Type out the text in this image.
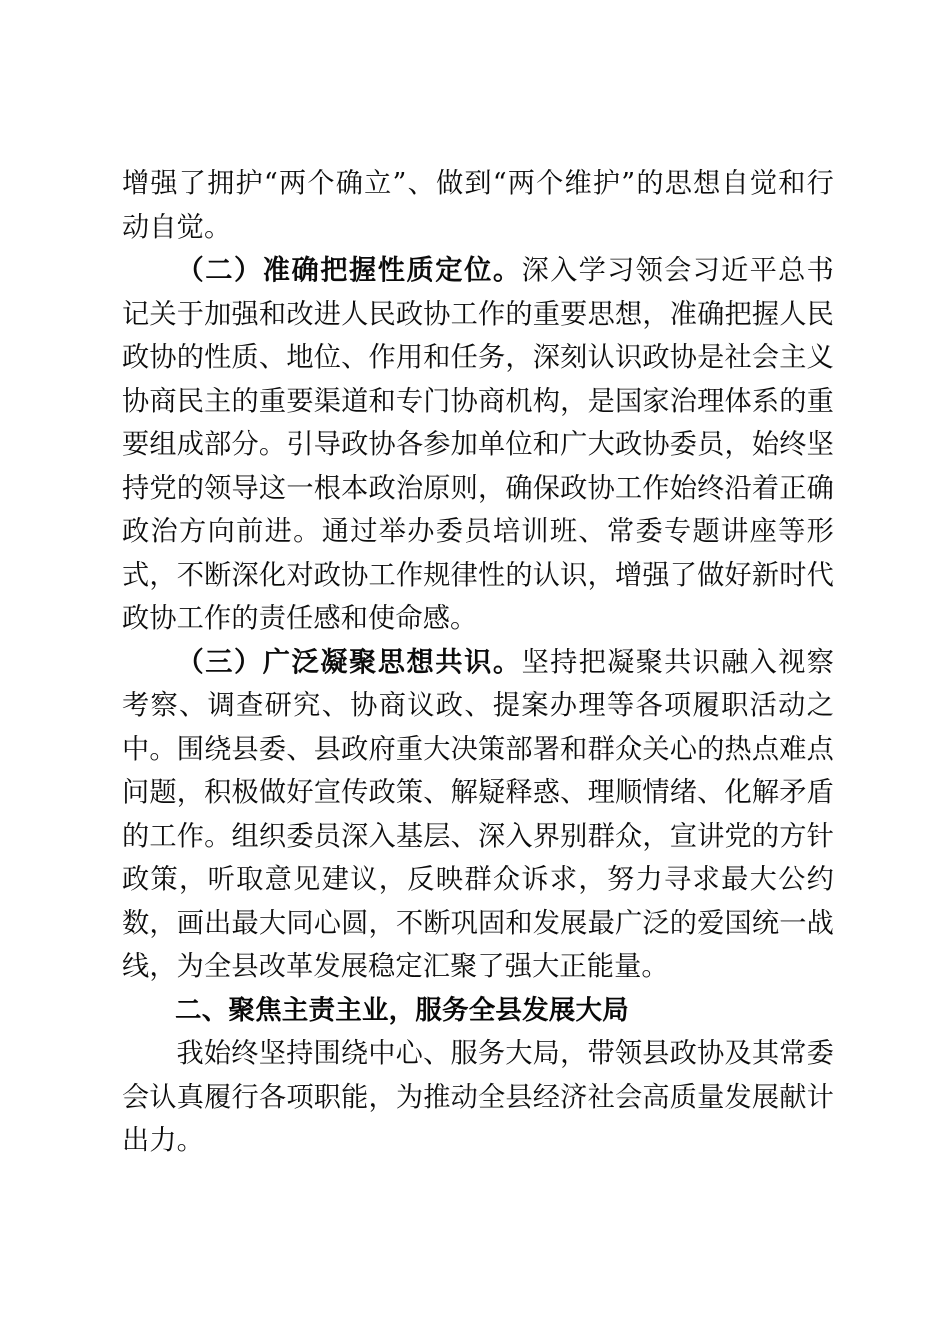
增强了拥护“两个确立”、做到“两个维护”的思想自觉和行动自觉。

（二）准确把握性质定位。深入学习领会习近平总书记关于加强和改进人民政协工作的重要思想，准确把握人民政协的性质、地位、作用和任务，深刻认识政协是社会主义协商民主的重要渠道和专门协商机构，是国家治理体系的重要组成部分。引导政协各参加单位和广大政协委员，始终坚持党的领导这一根本政治原则，确保政协工作始终沿着正确政治方向前进。通过举办委员培训班、常委专题讲座等形式，不断深化对政协工作规律性的认识，增强了做好新时代政协工作的责任感和使命感。

（三）广泛凝聚思想共识。坚持把凝聚共识融入视察考察、调查研究、协商议政、提案办理等各项履职活动之中。围绕县委、县政府重大决策部署和群众关心的热点难点问题，积极做好宣传政策、解疑释惑、理顺情绪、化解矛盾的工作。组织委员深入基层、深入界别群众，宣讲党的方针政策，听取意见建议，反映群众诉求，努力寻求最大公约数，画出最大同心圆，不断巩固和发展最广泛的爱国统一战线，为全县改革发展稳定汇聚了强大正能量。

二、聚焦主责主业，服务全县发展大局

我始终坚持围绕中心、服务大局，带领县政协及其常委会认真履行各项职能，为推动全县经济社会高质量发展献计出力。
